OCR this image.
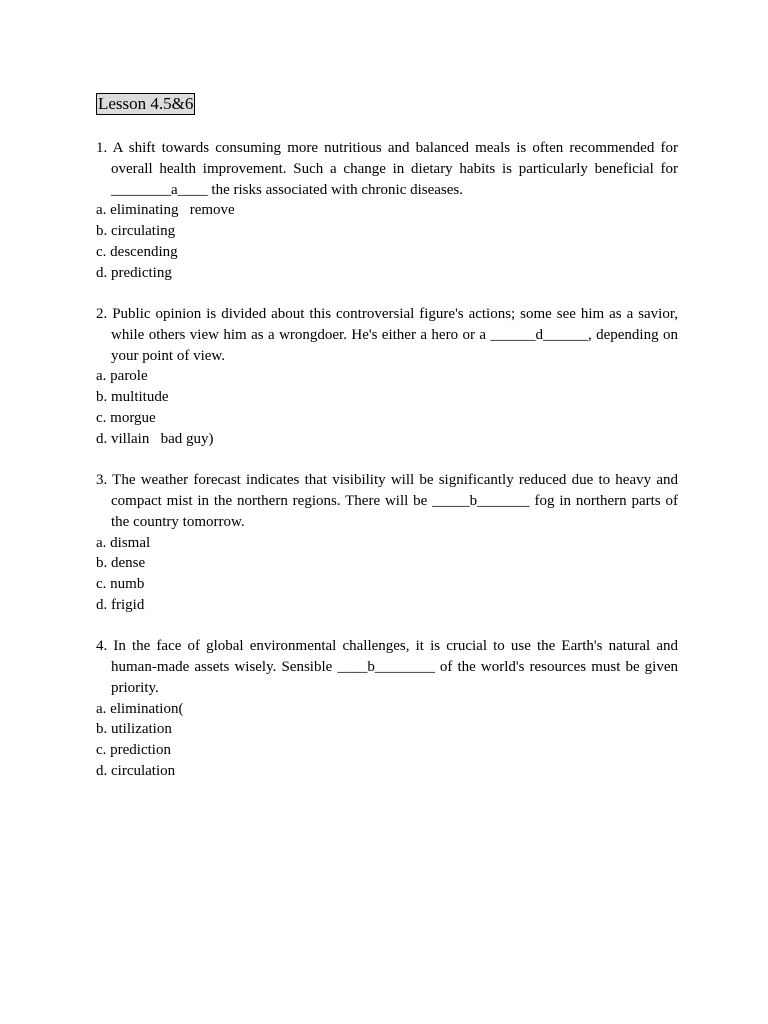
Lesson 4.5&6

1. A shift towards consuming more nutritious and balanced meals is often recommended for overall health improvement. Such a change in dietary habits is particularly beneficial for ________a____ the risks associated with chronic diseases.

a. eliminating   remove
b. circulating
c. descending
d. predicting

2. Public opinion is divided about this controversial figure's actions; some see him as a savior, while others view him as a wrongdoer. He's either a hero or a ______d______, depending on your point of view.

a. parole
b. multitude
c. morgue
d. villain   bad guy)

3. The weather forecast indicates that visibility will be significantly reduced due to heavy and compact mist in the northern regions. There will be _____b_______ fog in northern parts of the country tomorrow.

a. dismal
b. dense
c. numb
d. frigid

4. In the face of global environmental challenges, it is crucial to use the Earth's natural and human-made assets wisely. Sensible ____b________ of the world's resources must be given priority.

a. elimination(
b. utilization
c. prediction
d. circulation
